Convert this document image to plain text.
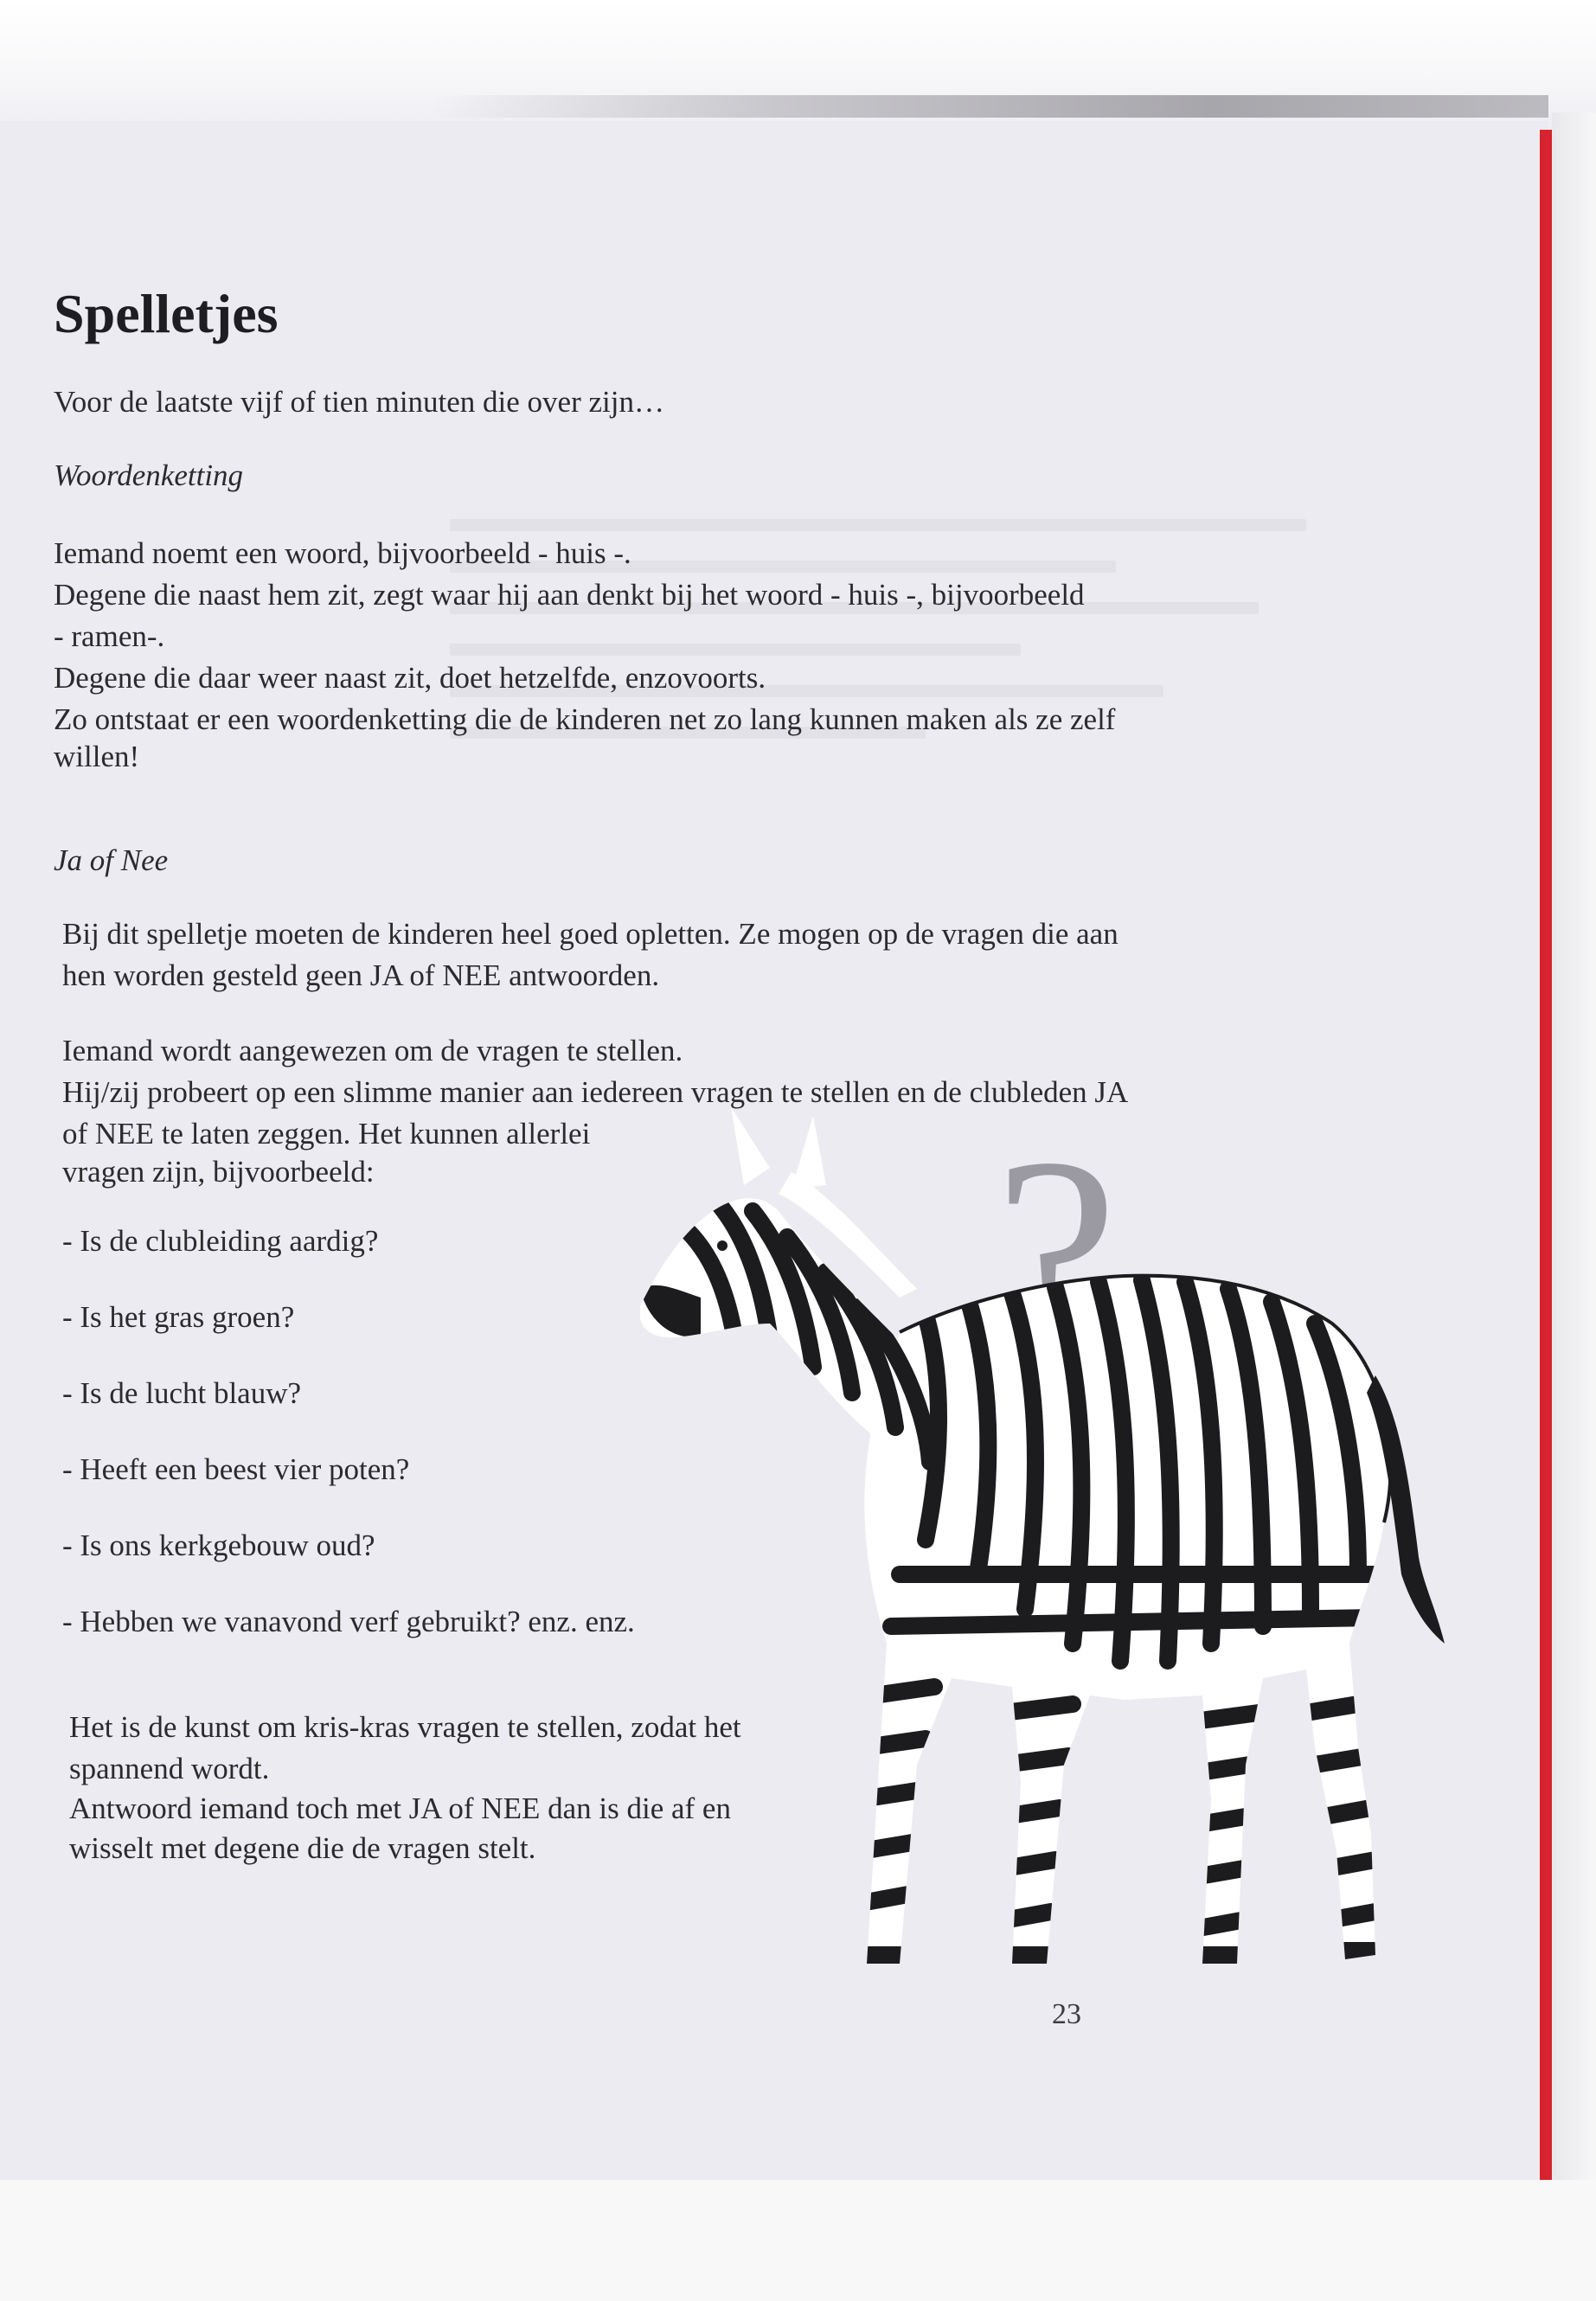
Spelletjes
Voor de laatste vijf of tien minuten die over zijn…
Woordenketting
Iemand noemt een woord, bijvoorbeeld - huis -.
Degene die naast hem zit, zegt waar hij aan denkt bij het woord - huis -, bijvoorbeeld
- ramen-.
Degene die daar weer naast zit, doet hetzelfde, enzovoorts.
Zo ontstaat er een woordenketting die de kinderen net zo lang kunnen maken als ze zelf
willen!
Ja of Nee
Bij dit spelletje moeten de kinderen heel goed opletten. Ze mogen op de vragen die aan
hen worden gesteld geen JA of NEE antwoorden.
Iemand wordt aangewezen om de vragen te stellen.
Hij/zij probeert op een slimme manier aan iedereen vragen te stellen en de clubleden JA
of NEE te laten zeggen. Het kunnen allerlei
vragen zijn, bijvoorbeeld:
- Is de clubleiding aardig?
- Is het gras groen?
- Is de lucht blauw?
- Heeft een beest vier poten?
- Is ons kerkgebouw oud?
- Hebben we vanavond verf gebruikt? enz. enz.
Het is de kunst om kris-kras vragen te stellen, zodat het
spannend wordt.
Antwoord iemand toch met JA of NEE dan is die af en
wisselt met degene die de vragen stelt.
?
23
